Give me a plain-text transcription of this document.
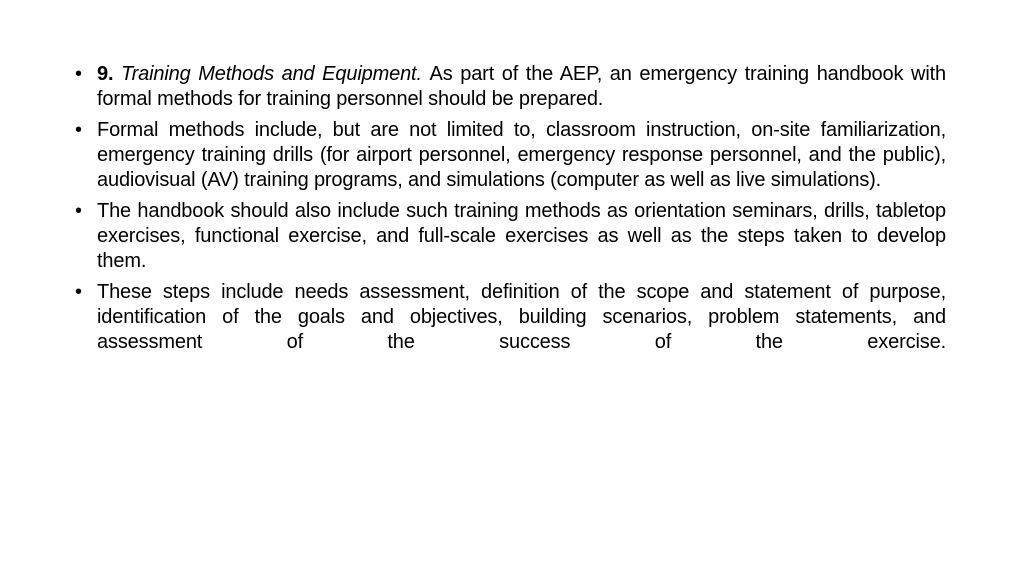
• 9. Training Methods and Equipment. As part of the AEP, an emergency training handbook with formal methods for training personnel should be prepared.
• Formal methods include, but are not limited to, classroom instruction, on-site familiarization, emergency training drills (for airport personnel, emergency response personnel, and the public), audiovisual (AV) training programs, and simulations (computer as well as live simulations).
• The handbook should also include such training methods as orientation seminars, drills, tabletop exercises, functional exercise, and full-scale exercises as well as the steps taken to develop them.
• These steps include needs assessment, definition of the scope and statement of purpose, identification of the goals and objectives, building scenarios, problem statements, and assessment of the success of the exercise.
